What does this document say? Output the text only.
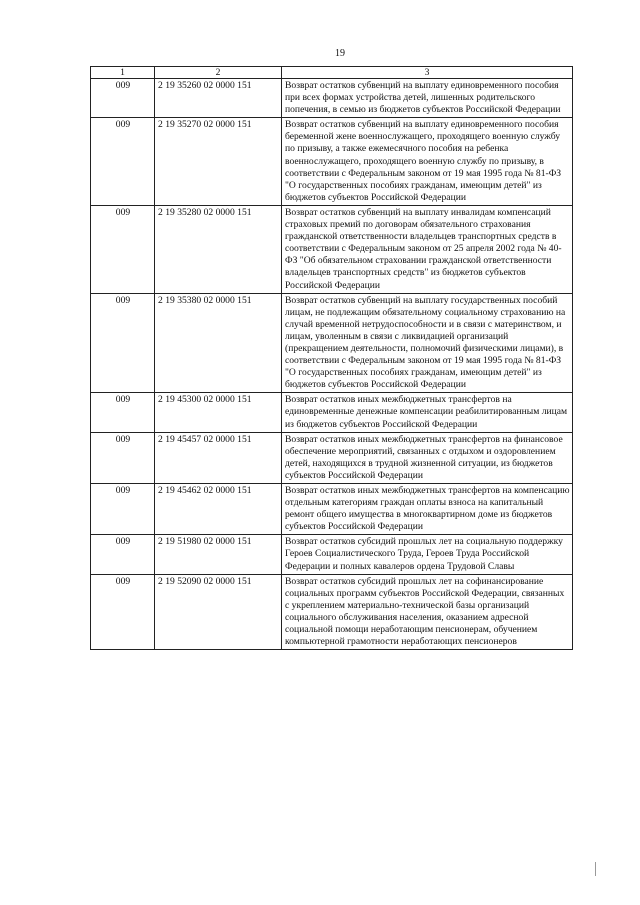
19
1	2	3
009	2 19 35260 02 0000 151	Возврат остатков субвенций на выплату единовременного пособия при всех формах устройства детей, лишенных родительского попечения, в семью из бюджетов субъектов Российской Федерации
009	2 19 35270 02 0000 151	Возврат остатков субвенций на выплату единовременного пособия беременной жене военнослужащего, проходящего военную службу по призыву, а также ежемесячного пособия на ребенка военнослужащего, проходящего военную службу по призыву, в соответствии с Федеральным законом от 19 мая 1995 года № 81-ФЗ "О государственных пособиях гражданам, имеющим детей" из бюджетов субъектов Российской Федерации
009	2 19 35280 02 0000 151	Возврат остатков субвенций на выплату инвалидам компенсаций страховых премий по договорам обязательного страхования гражданской ответственности владельцев транспортных средств в соответствии с Федеральным законом от 25 апреля 2002 года № 40-ФЗ "Об обязательном страховании гражданской ответственности владельцев транспортных средств" из бюджетов субъектов Российской Федерации
009	2 19 35380 02 0000 151	Возврат остатков субвенций на выплату государственных пособий лицам, не подлежащим обязательному социальному страхованию на случай временной нетрудоспособности и в связи с материнством, и лицам, уволенным в связи с ликвидацией организаций (прекращением деятельности, полномочий физическими лицами), в соответствии с Федеральным законом от 19 мая 1995 года № 81-ФЗ "О государственных пособиях гражданам, имеющим детей" из бюджетов субъектов Российской Федерации
009	2 19 45300 02 0000 151	Возврат остатков иных межбюджетных трансфертов на единовременные денежные компенсации реабилитированным лицам из бюджетов субъектов Российской Федерации
009	2 19 45457 02 0000 151	Возврат остатков иных межбюджетных трансфертов на финансовое обеспечение мероприятий, связанных с отдыхом и оздоровлением детей, находящихся в трудной жизненной ситуации, из бюджетов субъектов Российской Федерации
009	2 19 45462 02 0000 151	Возврат остатков иных межбюджетных трансфертов на компенсацию отдельным категориям граждан оплаты взноса на капитальный ремонт общего имущества в многоквартирном доме из бюджетов субъектов Российской Федерации
009	2 19 51980 02 0000 151	Возврат остатков субсидий прошлых лет на социальную поддержку Героев Социалистического Труда, Героев Труда Российской Федерации и полных кавалеров ордена Трудовой Славы
009	2 19 52090 02 0000 151	Возврат остатков субсидий прошлых лет на софинансирование социальных программ субъектов Российской Федерации, связанных с укреплением материально-технической базы организаций социального обслуживания населения, оказанием адресной социальной помощи неработающим пенсионерам, обучением компьютерной грамотности неработающих пенсионеров
